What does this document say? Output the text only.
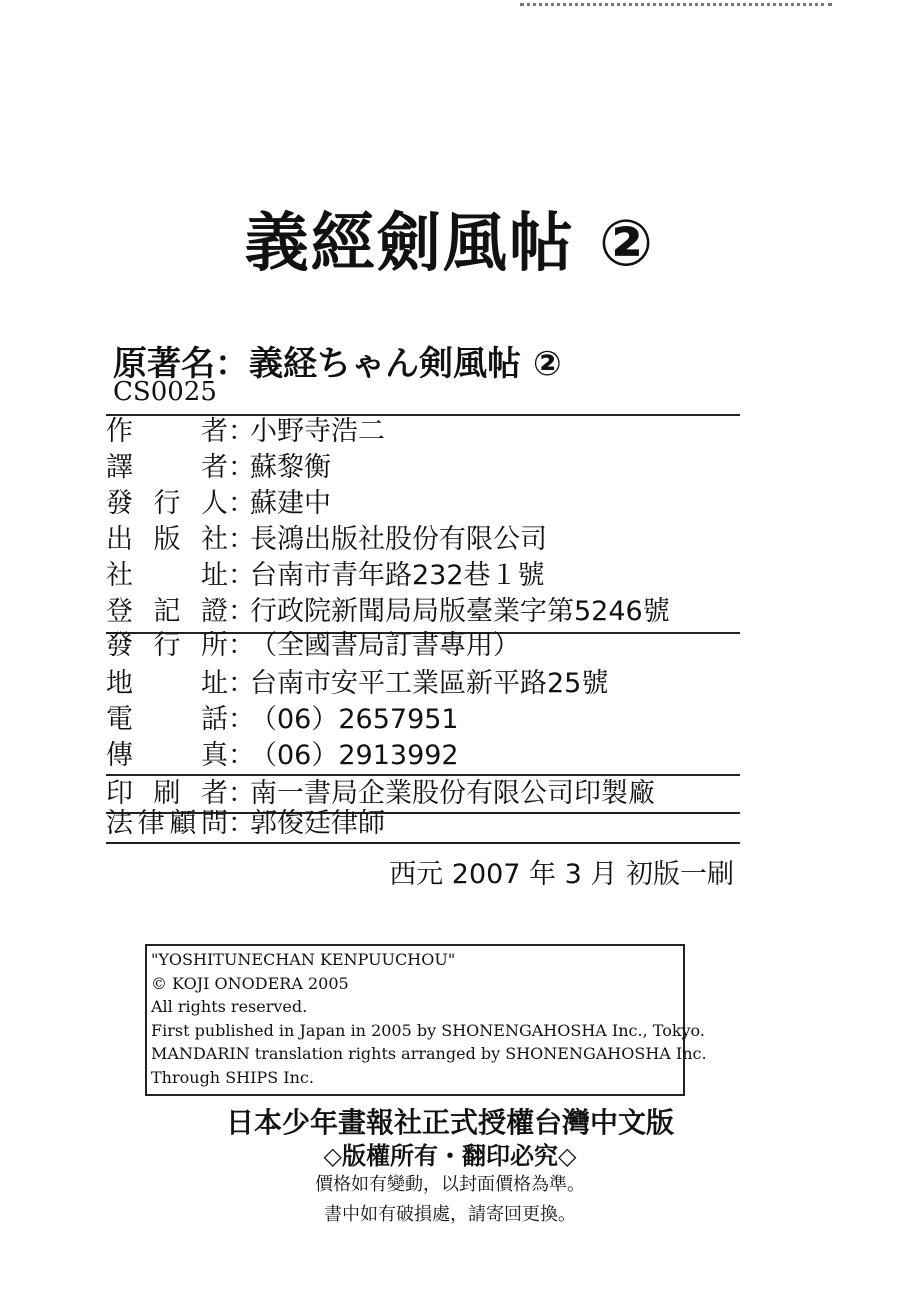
義經劍風帖 ②
原著名：義経ちゃん剣風帖 ②
CS0025
作者：小野寺浩二
譯者：蘇黎衡
發行人：蘇建中
出版社：長鴻出版社股份有限公司
社址：台南市青年路232巷１號
登記證：行政院新聞局局版臺業字第5246號
發行所：（全國書局訂書專用）
地址：台南市安平工業區新平路25號
電話：（06）2657951
傳真：（06）2913992
印刷者：南一書局企業股份有限公司印製廠
法律顧問：郭俊廷律師
西元 2007 年 3 月 初版一刷
"YOSHITUNECHAN KENPUUCHOU"
© KOJI ONODERA 2005
All rights reserved.
First published in Japan in 2005 by SHONENGAHOSHA Inc., Tokyo.
MANDARIN translation rights arranged by SHONENGAHOSHA Inc.
Through SHIPS Inc.
日本少年畫報社正式授權台灣中文版
◇版權所有・翻印必究◇
價格如有變動，以封面價格為準。
書中如有破損處，請寄回更換。
